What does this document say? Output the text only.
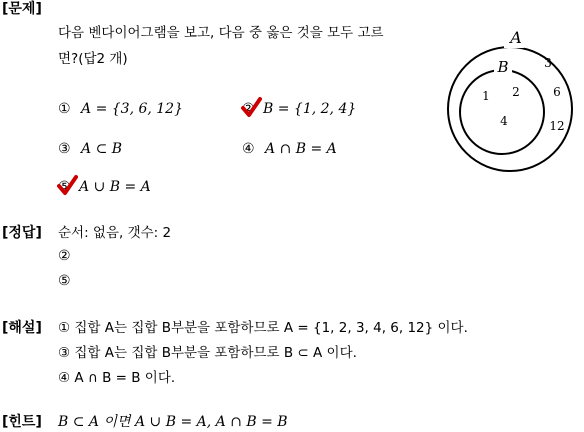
[문제]
다음 벤다이어그램을 보고, 다음 중 옳은 것을 모두 고르
면?(답2 개)
① A = {3, 6, 12}	② B = {1, 2, 4}
③ A ⊂ B	④ A ∩ B = A
⑤ A ∪ B = A
A
B
1 2
4
3
6
12
[정답] 순서: 없음, 갯수: 2
②
⑤
[해설] ① 집합 A는 집합 B부분을 포함하므로 A = {1, 2, 3, 4, 6, 12} 이다.
③ 집합 A는 집합 B부분을 포함하므로 B ⊂ A 이다.
④ A ∩ B = B 이다.
[힌트] B ⊂ A 이면 A ∪ B = A, A ∩ B = B
